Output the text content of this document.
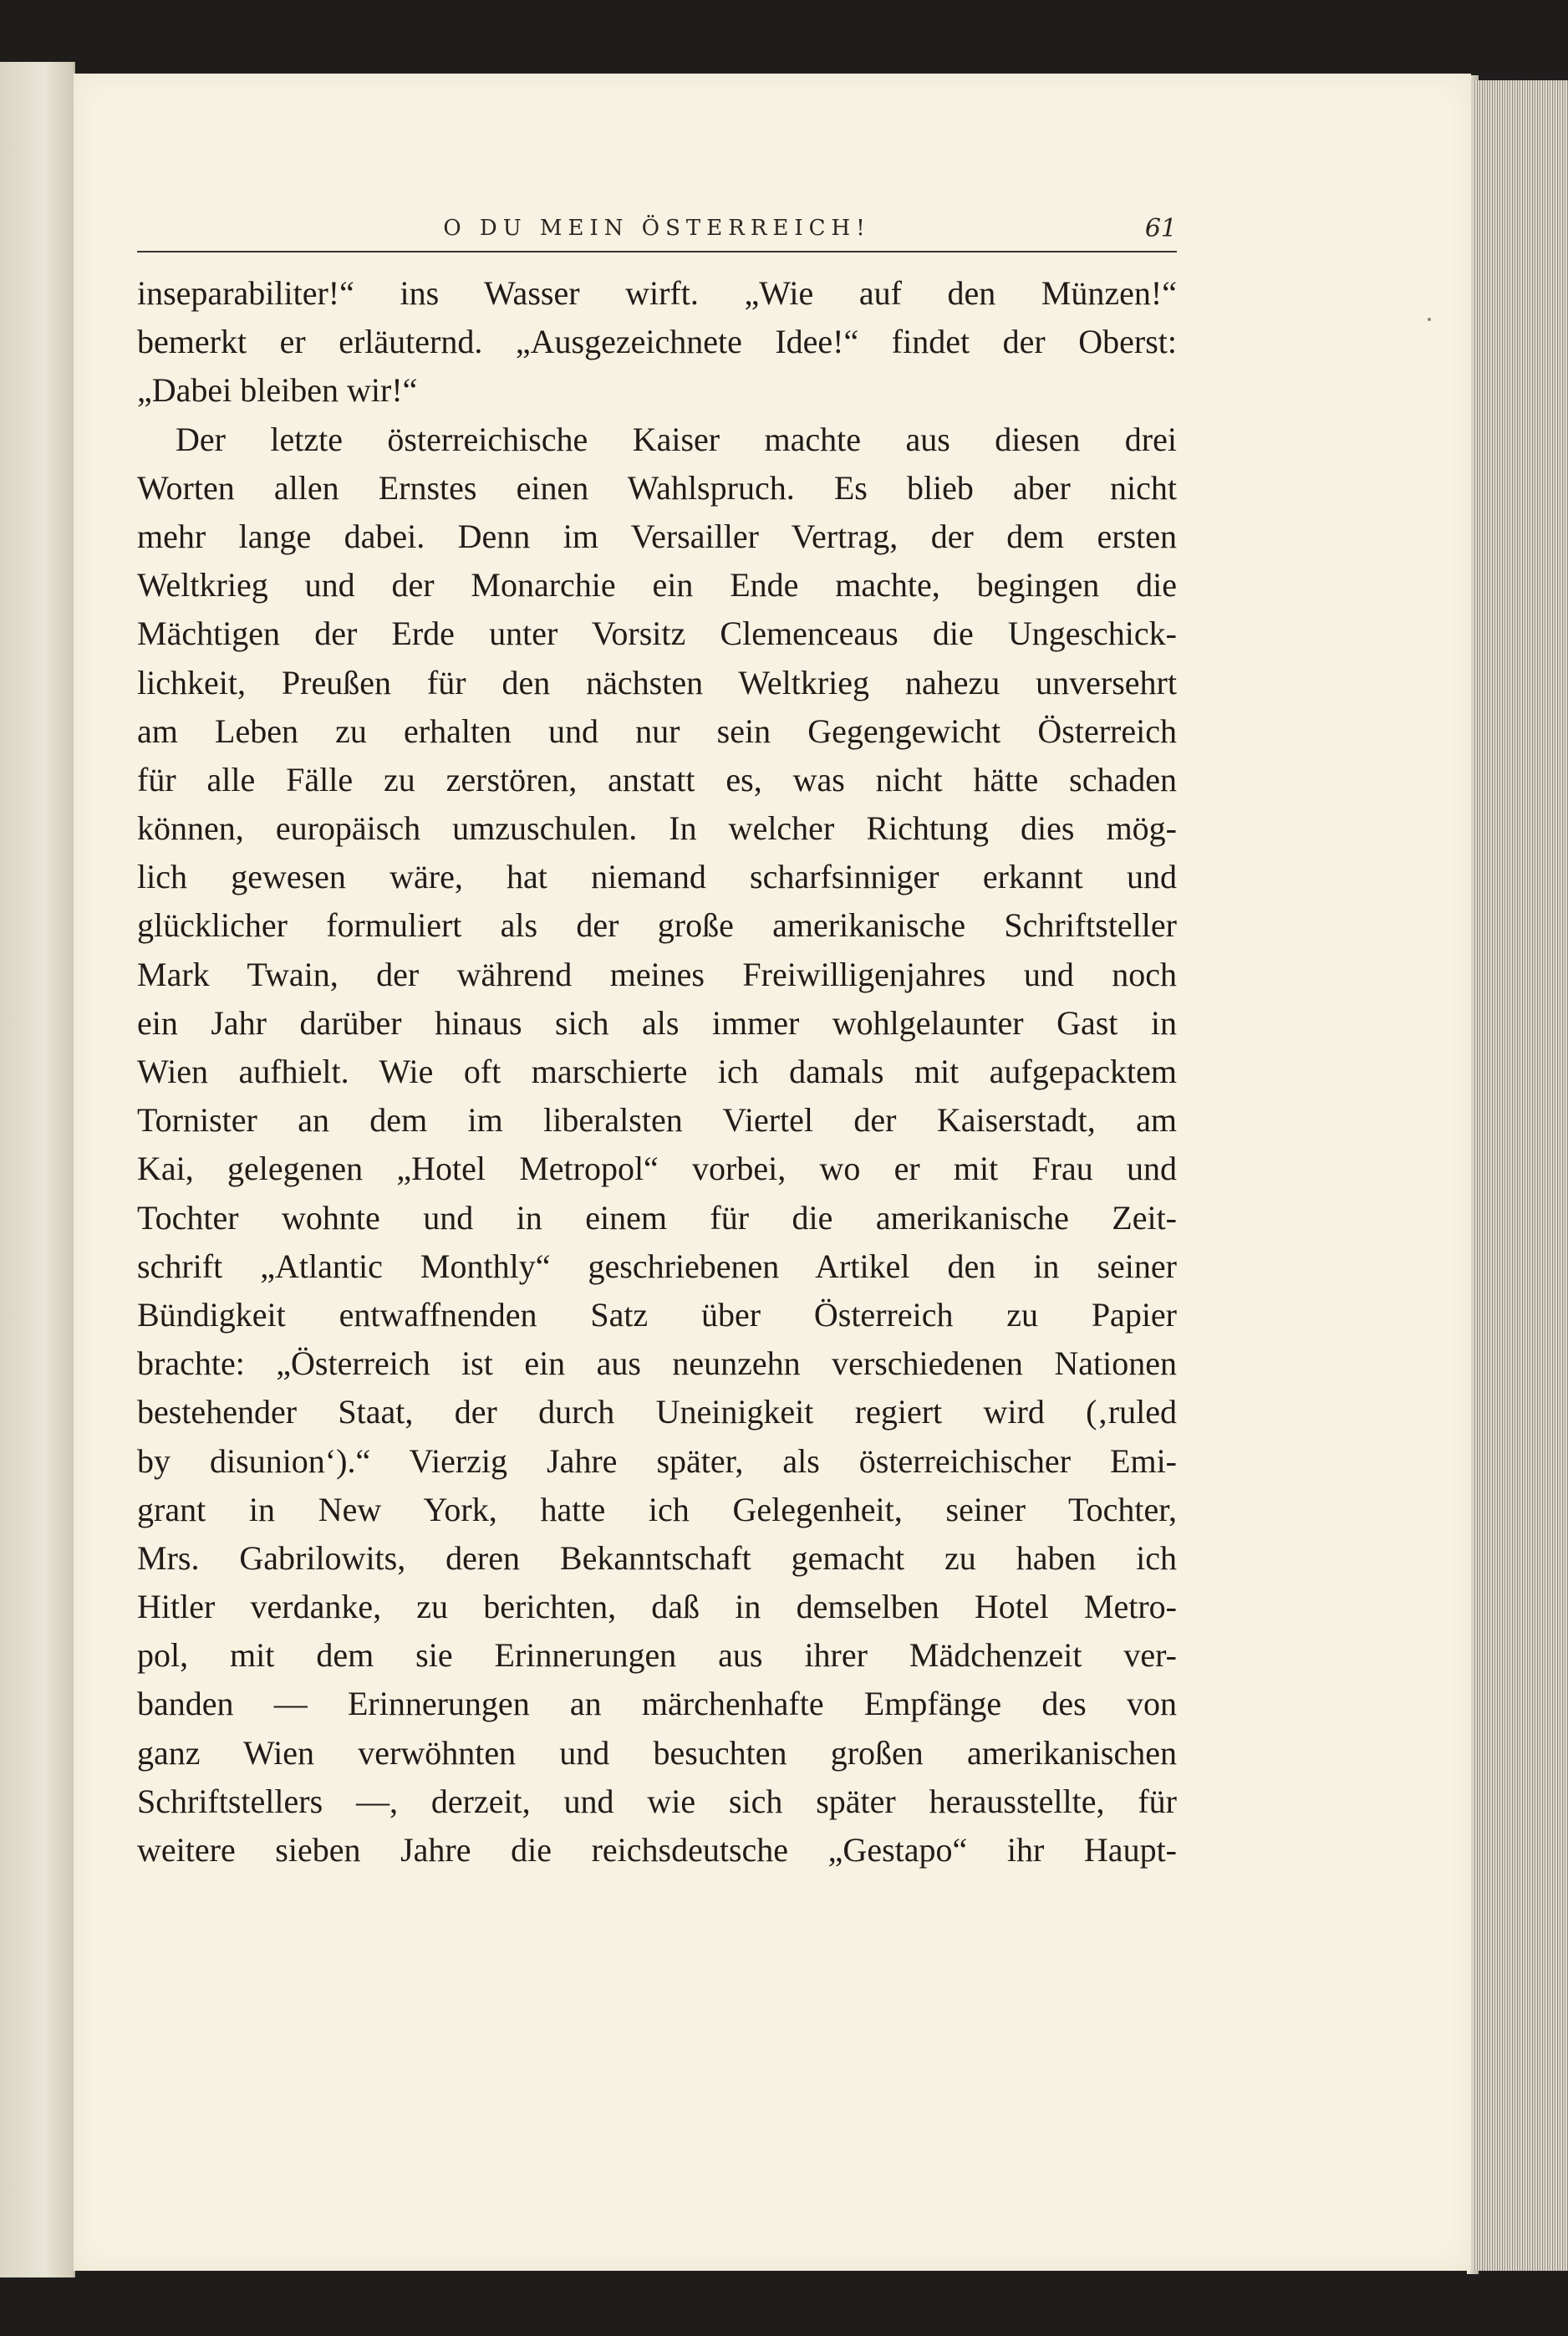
O DU MEIN ÖSTERREICH!	61
inseparabiliter!“ ins Wasser wirft. „Wie auf den Münzen!“
bemerkt er erläuternd. „Ausgezeichnete Idee!“ findet der Oberst:
„Dabei bleiben wir!“
Der letzte österreichische Kaiser machte aus diesen drei
Worten allen Ernstes einen Wahlspruch. Es blieb aber nicht
mehr lange dabei. Denn im Versailler Vertrag, der dem ersten
Weltkrieg und der Monarchie ein Ende machte, begingen die
Mächtigen der Erde unter Vorsitz Clemenceaus die Ungeschick-
lichkeit, Preußen für den nächsten Weltkrieg nahezu unversehrt
am Leben zu erhalten und nur sein Gegengewicht Österreich
für alle Fälle zu zerstören, anstatt es, was nicht hätte schaden
können, europäisch umzuschulen. In welcher Richtung dies mög-
lich gewesen wäre, hat niemand scharfsinniger erkannt und
glücklicher formuliert als der große amerikanische Schriftsteller
Mark Twain, der während meines Freiwilligenjahres und noch
ein Jahr darüber hinaus sich als immer wohlgelaunter Gast in
Wien aufhielt. Wie oft marschierte ich damals mit aufgepacktem
Tornister an dem im liberalsten Viertel der Kaiserstadt, am
Kai, gelegenen „Hotel Metropol“ vorbei, wo er mit Frau und
Tochter wohnte und in einem für die amerikanische Zeit-
schrift „Atlantic Monthly“ geschriebenen Artikel den in seiner
Bündigkeit entwaffnenden Satz über Österreich zu Papier
brachte: „Österreich ist ein aus neunzehn verschiedenen Nationen
bestehender Staat, der durch Uneinigkeit regiert wird (‚ruled
by disunion‘).“ Vierzig Jahre später, als österreichischer Emi-
grant in New York, hatte ich Gelegenheit, seiner Tochter,
Mrs. Gabrilowits, deren Bekanntschaft gemacht zu haben ich
Hitler verdanke, zu berichten, daß in demselben Hotel Metro-
pol, mit dem sie Erinnerungen aus ihrer Mädchenzeit ver-
banden — Erinnerungen an märchenhafte Empfänge des von
ganz Wien verwöhnten und besuchten großen amerikanischen
Schriftstellers —, derzeit, und wie sich später herausstellte, für
weitere sieben Jahre die reichsdeutsche „Gestapo“ ihr Haupt-
